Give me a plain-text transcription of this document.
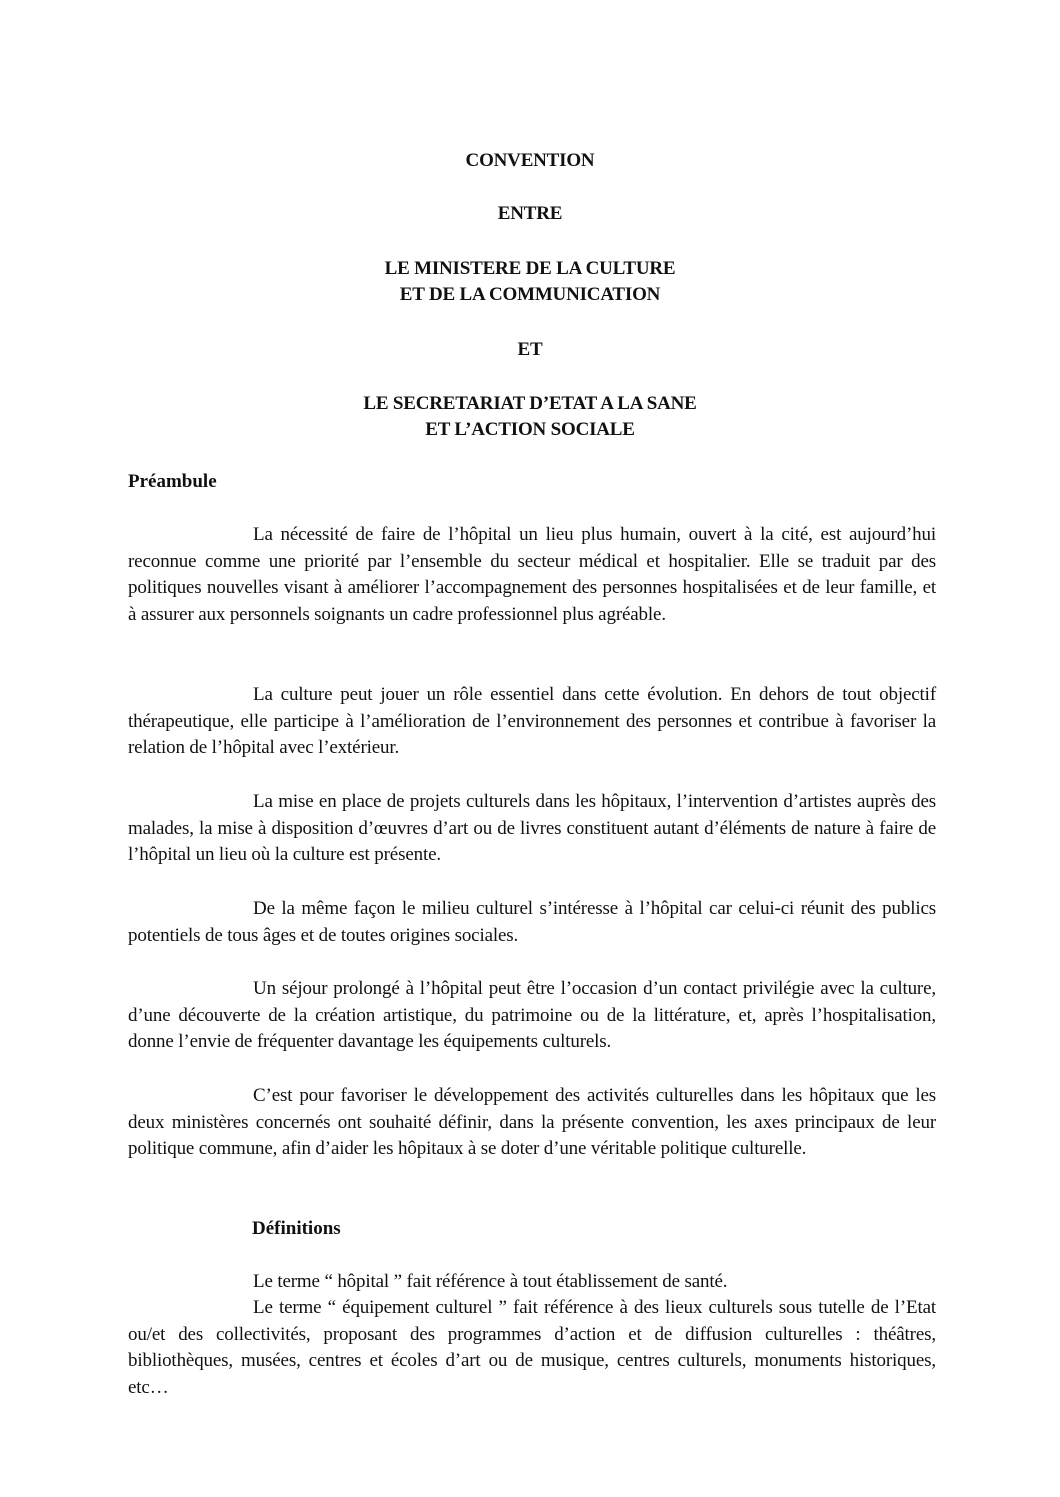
CONVENTION
ENTRE
LE MINISTERE DE LA CULTURE
ET DE LA COMMUNICATION
ET
LE SECRETARIAT D’ETAT A LA SANE
ET L’ACTION SOCIALE
Préambule

La nécessité de faire de l’hôpital un lieu plus humain, ouvert à la cité, est aujourd’hui reconnue comme une priorité par l’ensemble du secteur médical et hospitalier. Elle se traduit par des politiques nouvelles visant à améliorer l’accompagnement des personnes hospitalisées et de leur famille, et à assurer aux personnels soignants un cadre professionnel plus agréable.

La culture peut jouer un rôle essentiel dans cette évolution. En dehors de tout objectif thérapeutique, elle participe à l’amélioration de l’environnement des personnes et contribue à favoriser la relation de l’hôpital avec l’extérieur.

La mise en place de projets culturels dans les hôpitaux, l’intervention d’artistes auprès des malades, la mise à disposition d’œuvres d’art ou de livres constituent autant d’éléments de nature à faire de l’hôpital un lieu où la culture est présente.

De la même façon le milieu culturel s’intéresse à l’hôpital car celui-ci réunit des publics potentiels de tous âges et de toutes origines sociales.

Un séjour prolongé à l’hôpital peut être l’occasion d’un contact privilégie avec la culture, d’une découverte de la création artistique, du patrimoine ou de la littérature, et, après l’hospitalisation, donne l’envie de fréquenter davantage les équipements culturels.

C’est pour favoriser le développement des activités culturelles dans les hôpitaux que les deux ministères concernés ont souhaité définir, dans la présente convention, les axes principaux de leur politique commune, afin d’aider les hôpitaux à se doter d’une véritable politique culturelle.

Définitions

Le terme “ hôpital ” fait référence à tout établissement de santé.

Le terme “ équipement culturel ” fait référence à des lieux culturels sous tutelle de l’Etat ou/et des collectivités, proposant des programmes d’action et de diffusion culturelles : théâtres, bibliothèques, musées, centres et écoles d’art ou de musique, centres culturels, monuments historiques, etc…
